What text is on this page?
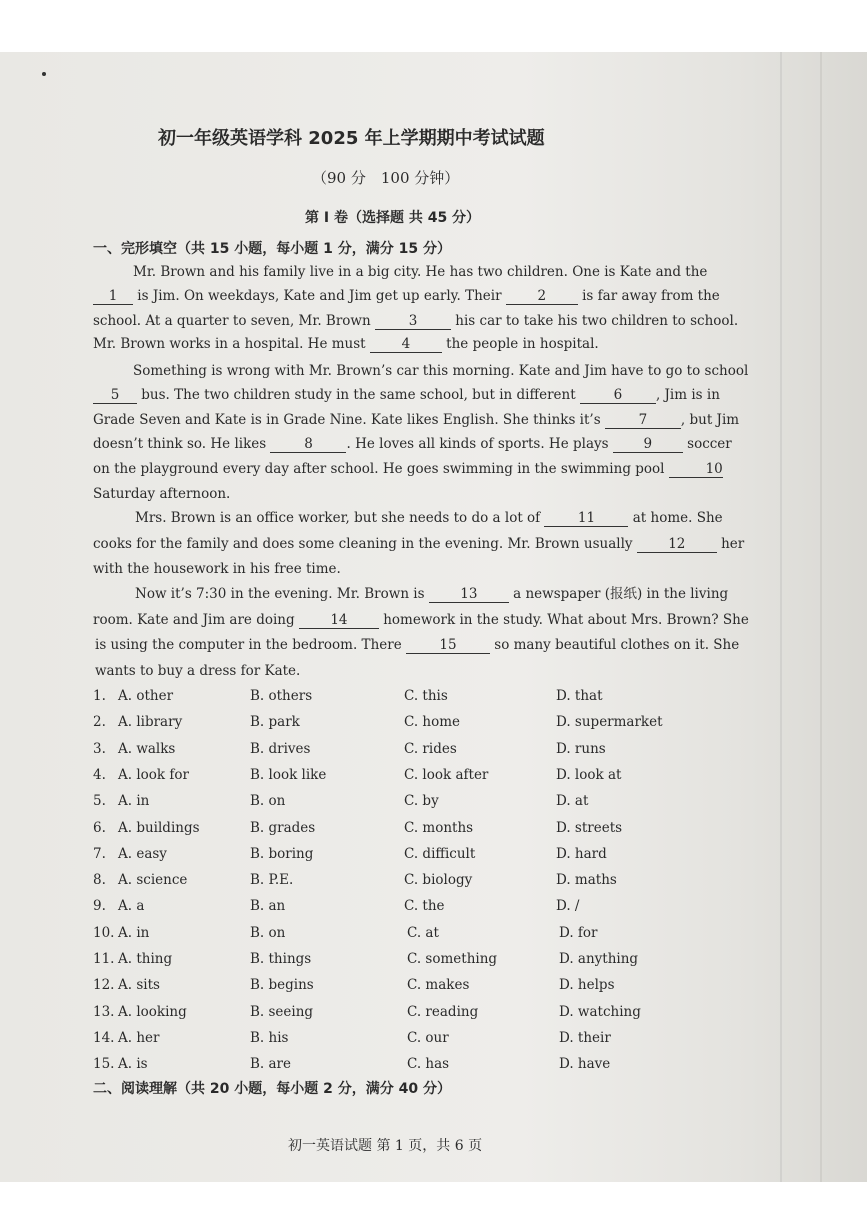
初一年级英语学科 2025 年上学期期中考试试题
（90 分　100 分钟）
第 Ⅰ 卷（选择题 共 45 分）
一、完形填空（共 15 小题，每小题 1 分，满分 15 分）
Mr. Brown and his family live in a big city. He has two children. One is Kate and the
1 is Jim. On weekdays, Kate and Jim get up early. Their 2 is far away from the
school. At a quarter to seven, Mr. Brown 3 his car to take his two children to school.
Mr. Brown works in a hospital. He must 4 the people in hospital.
Something is wrong with Mr. Brown’s car this morning. Kate and Jim have to go to school
5 bus. The two children study in the same school, but in different 6 , Jim is in
Grade Seven and Kate is in Grade Nine. Kate likes English. She thinks it’s 7 , but Jim
doesn’t think so. He likes 8 . He loves all kinds of sports. He plays 9 soccer
on the playground every day after school. He goes swimming in the swimming pool	10
Saturday afternoon.
Mrs. Brown is an office worker, but she needs to do a lot of 11 at home. She
cooks for the family and does some cleaning in the evening. Mr. Brown usually 12 her
with the housework in his free time.
Now it’s 7:30 in the evening. Mr. Brown is 13 a newspaper (报纸) in the living
room. Kate and Jim are doing 14 homework in the study. What about Mrs. Brown? She
is using the computer in the bedroom. There 15 so many beautiful clothes on it. She
wants to buy a dress for Kate.
1. A. other	B. others	C. this	D. that
2. A. library	B. park	C. home	D. supermarket
3. A. walks	B. drives	C. rides	D. runs
4. A. look for	B. look like	C. look after	D. look at
5. A. in	B. on	C. by	D. at
6. A. buildings	B. grades	C. months	D. streets
7. A. easy	B. boring	C. difficult	D. hard
8. A. science	B. P.E.	C. biology	D. maths
9. A. a	B. an	C. the	D. /
10. A. in	B. on	C. at	D. for
11. A. thing	B. things	C. something	D. anything
12. A. sits	B. begins	C. makes	D. helps
13. A. looking	B. seeing	C. reading	D. watching
14. A. her	B. his	C. our	D. their
15. A. is	B. are	C. has	D. have
二、阅读理解（共 20 小题，每小题 2 分，满分 40 分）
初一英语试题 第 1 页，共 6 页
